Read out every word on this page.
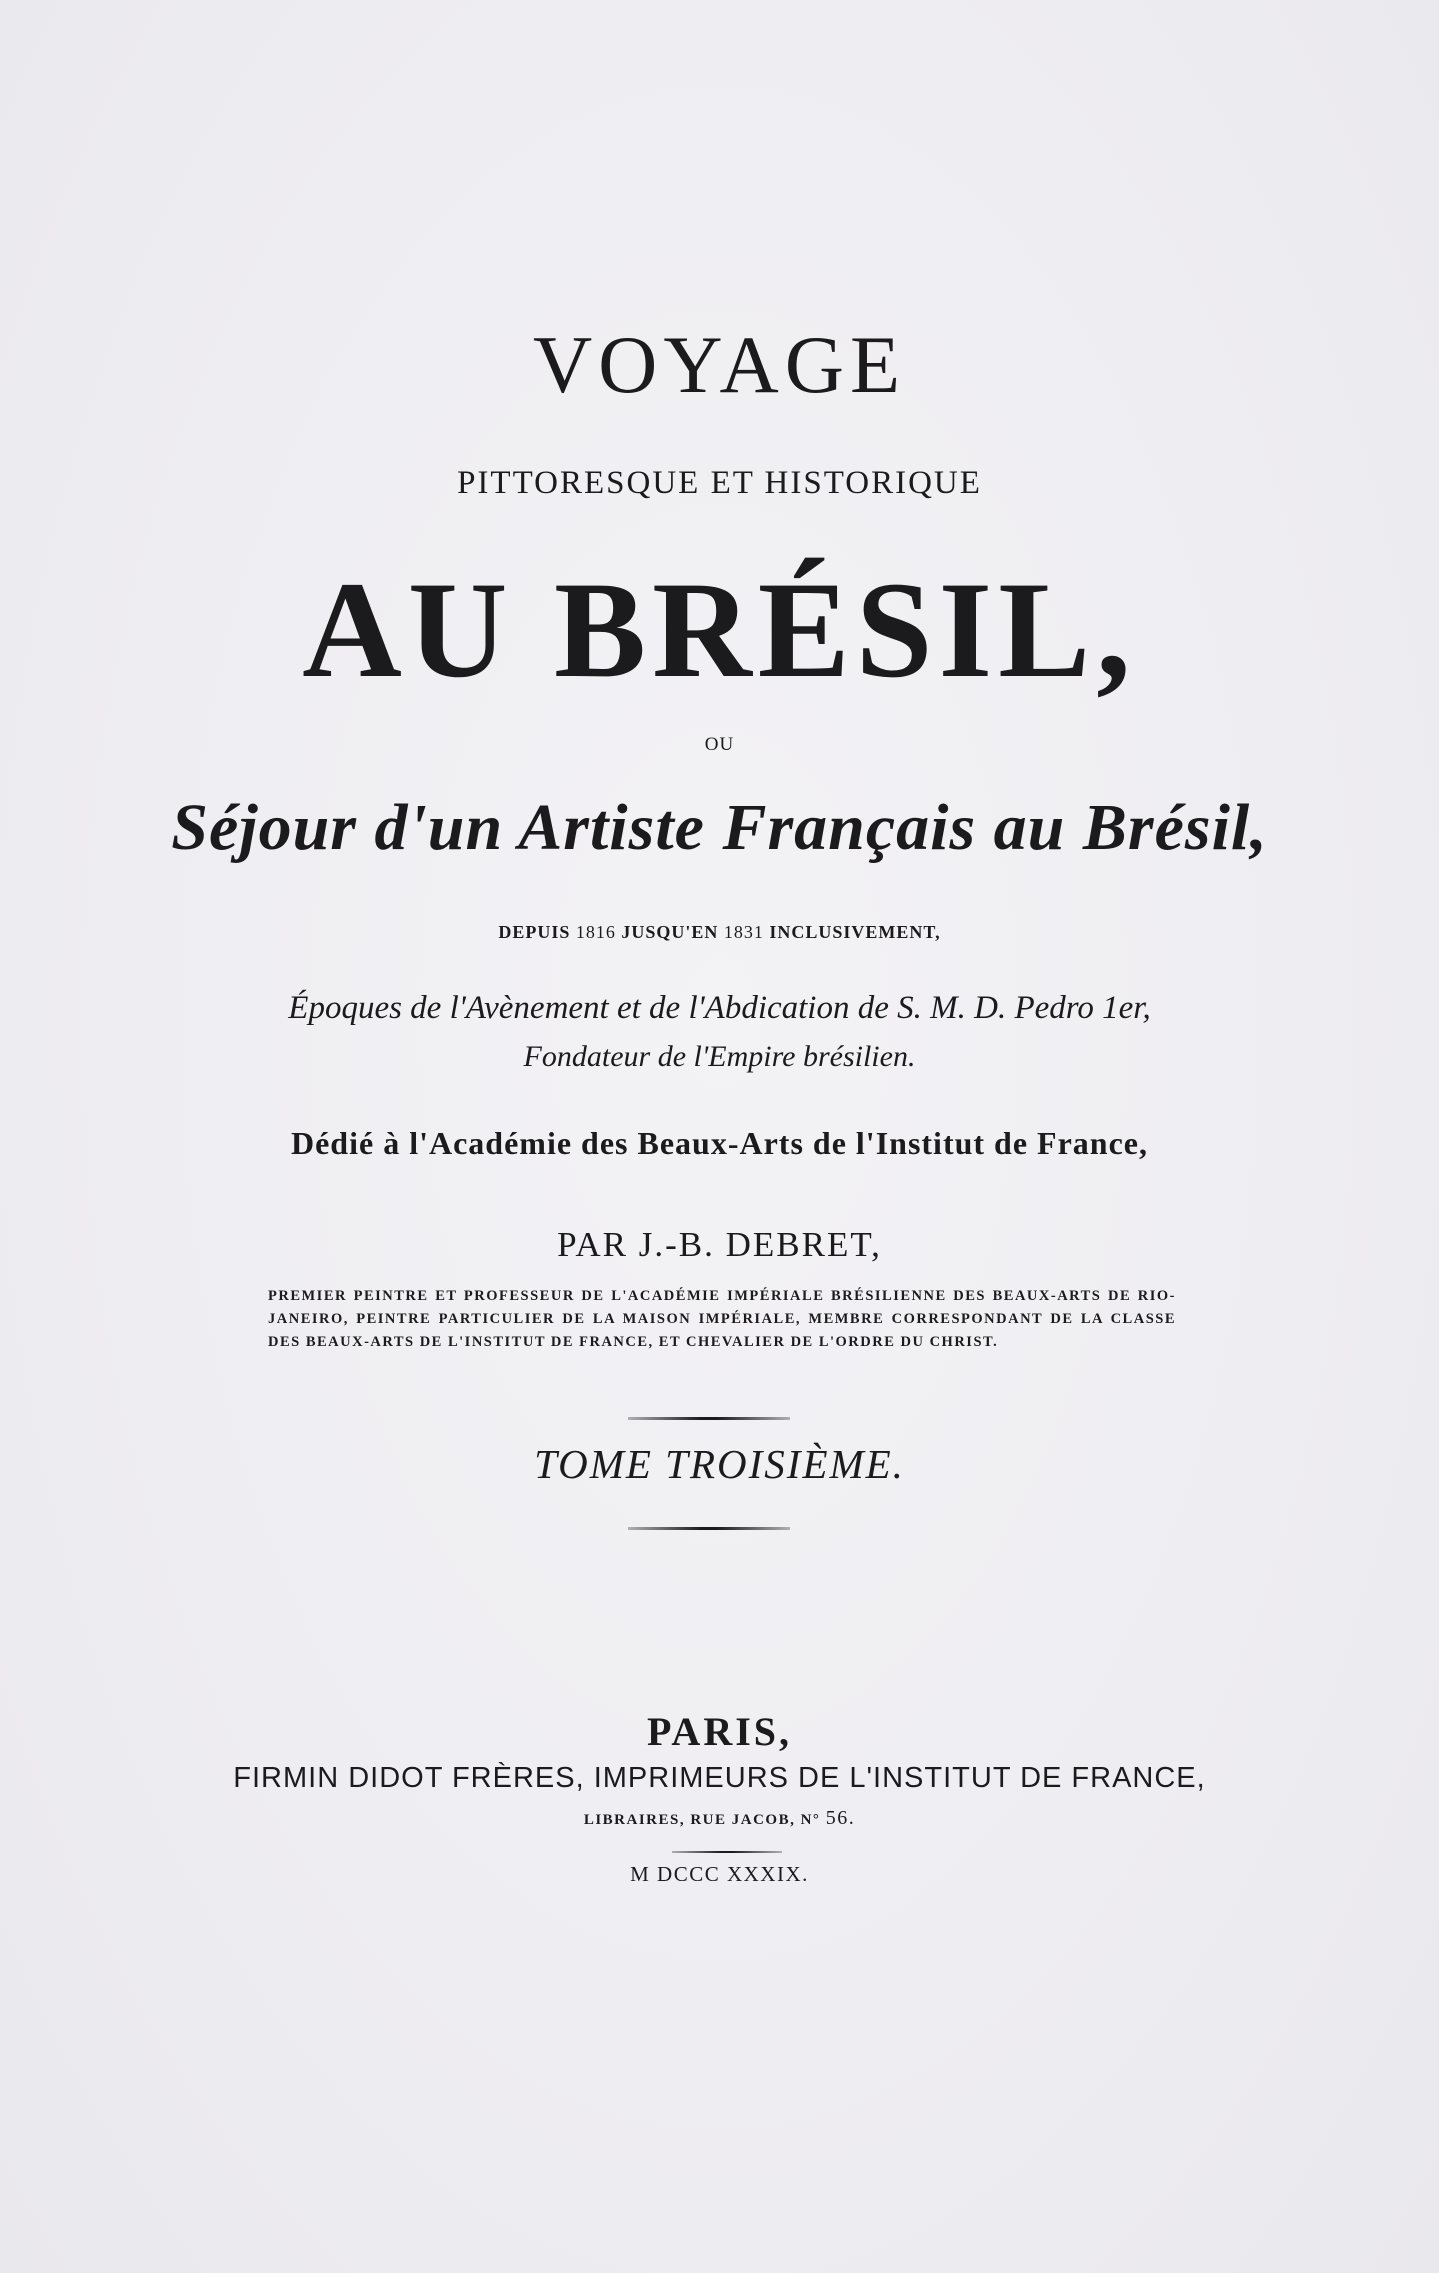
VOYAGE
PITTORESQUE ET HISTORIQUE
AU BRÉSIL,
OU
Séjour d'un Artiste Français au Brésil,
DEPUIS 1816 JUSQU'EN 1831 INCLUSIVEMENT,
Époques de l'Avènement et de l'Abdication de S. M. D. Pedro 1er,
Fondateur de l'Empire brésilien.
Dédié à l'Académie des Beaux-Arts de l'Institut de France,
PAR J.-B. DEBRET,
PREMIER PEINTRE ET PROFESSEUR DE L'ACADÉMIE IMPÉRIALE BRÉSILIENNE DES BEAUX-ARTS DE RIO-JANEIRO, PEINTRE PARTICULIER DE LA MAISON IMPÉRIALE, MEMBRE CORRESPONDANT DE LA CLASSE DES BEAUX-ARTS DE L'INSTITUT DE FRANCE, ET CHEVALIER DE L'ORDRE DU CHRIST.
TOME TROISIÈME.
PARIS,
FIRMIN DIDOT FRÈRES, IMPRIMEURS DE L'INSTITUT DE FRANCE,
LIBRAIRES, RUE JACOB, N° 56.
M DCCC XXXIX.
